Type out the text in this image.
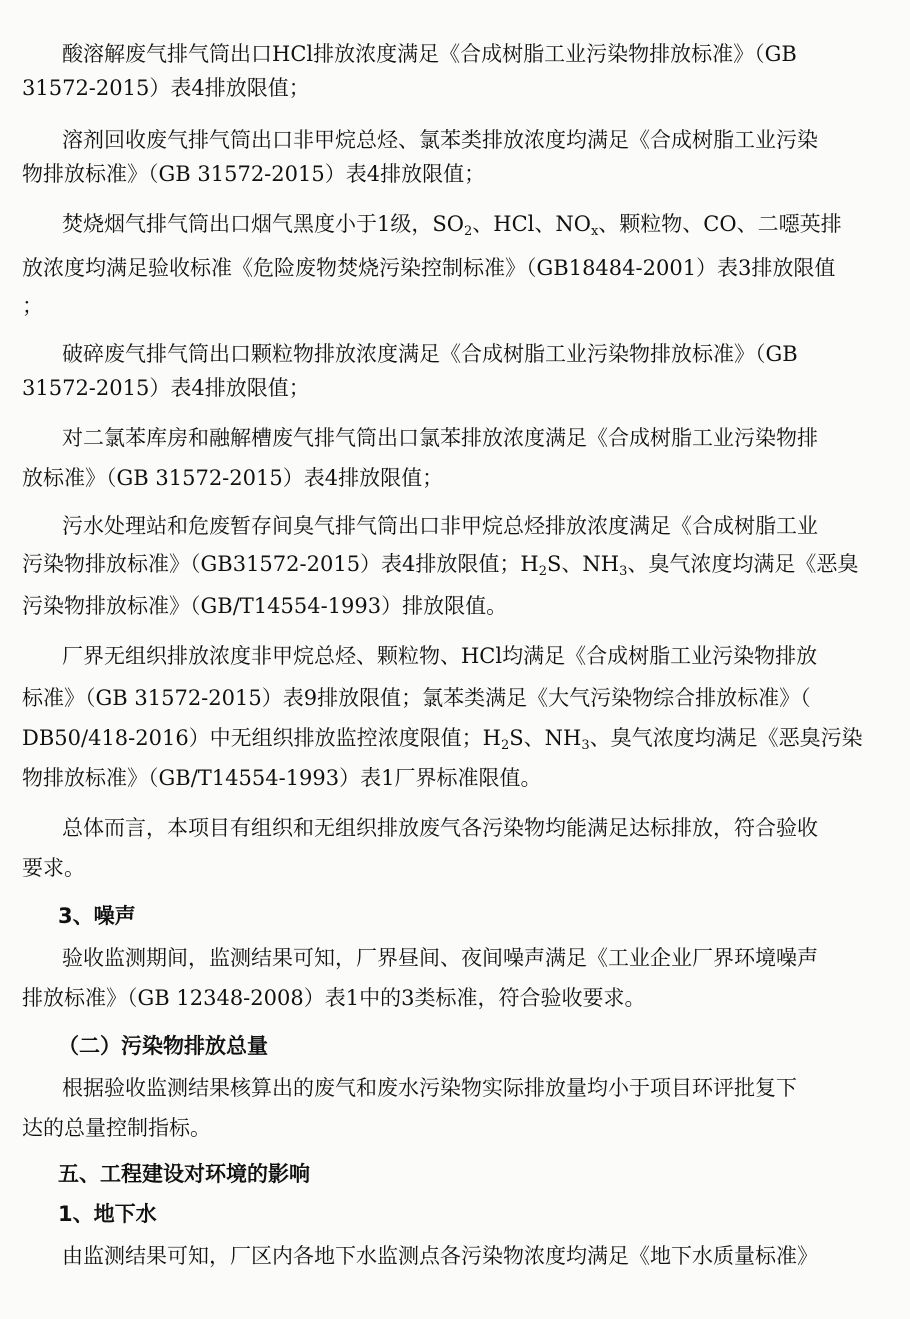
酸溶解废气排气筒出口HCl排放浓度满足《合成树脂工业污染物排放标准》（GB
31572-2015）表4排放限值；
溶剂回收废气排气筒出口非甲烷总烃、氯苯类排放浓度均满足《合成树脂工业污染
物排放标准》（GB 31572-2015）表4排放限值；
焚烧烟气排气筒出口烟气黑度小于1级，$SO_2$、HCl、$NO_x$、颗粒物、CO、二噁英排
放浓度均满足验收标准《危险废物焚烧污染控制标准》（GB18484-2001）表3排放限值
；
破碎废气排气筒出口颗粒物排放浓度满足《合成树脂工业污染物排放标准》（GB
31572-2015）表4排放限值；
对二氯苯库房和融解槽废气排气筒出口氯苯排放浓度满足《合成树脂工业污染物排
放标准》（GB 31572-2015）表4排放限值；
污水处理站和危废暂存间臭气排气筒出口非甲烷总烃排放浓度满足《合成树脂工业
污染物排放标准》（GB31572-2015）表4排放限值；$H_2S$、$NH_3$、臭气浓度均满足《恶臭
污染物排放标准》（GB/T14554-1993）排放限值。
厂界无组织排放浓度非甲烷总烃、颗粒物、HCl均满足《合成树脂工业污染物排放
标准》（GB 31572-2015）表9排放限值；氯苯类满足《大气污染物综合排放标准》（
DB50/418-2016）中无组织排放监控浓度限值；$H_2S$、$NH_3$、臭气浓度均满足《恶臭污染
物排放标准》（GB/T14554-1993）表1厂界标准限值。
总体而言，本项目有组织和无组织排放废气各污染物均能满足达标排放，符合验收
要求。
3、噪声
验收监测期间，监测结果可知，厂界昼间、夜间噪声满足《工业企业厂界环境噪声
排放标准》（GB 12348-2008）表1中的3类标准，符合验收要求。
（二）污染物排放总量
根据验收监测结果核算出的废气和废水污染物实际排放量均小于项目环评批复下
达的总量控制指标。
五、工程建设对环境的影响
1、地下水
由监测结果可知，厂区内各地下水监测点各污染物浓度均满足《地下水质量标准》
